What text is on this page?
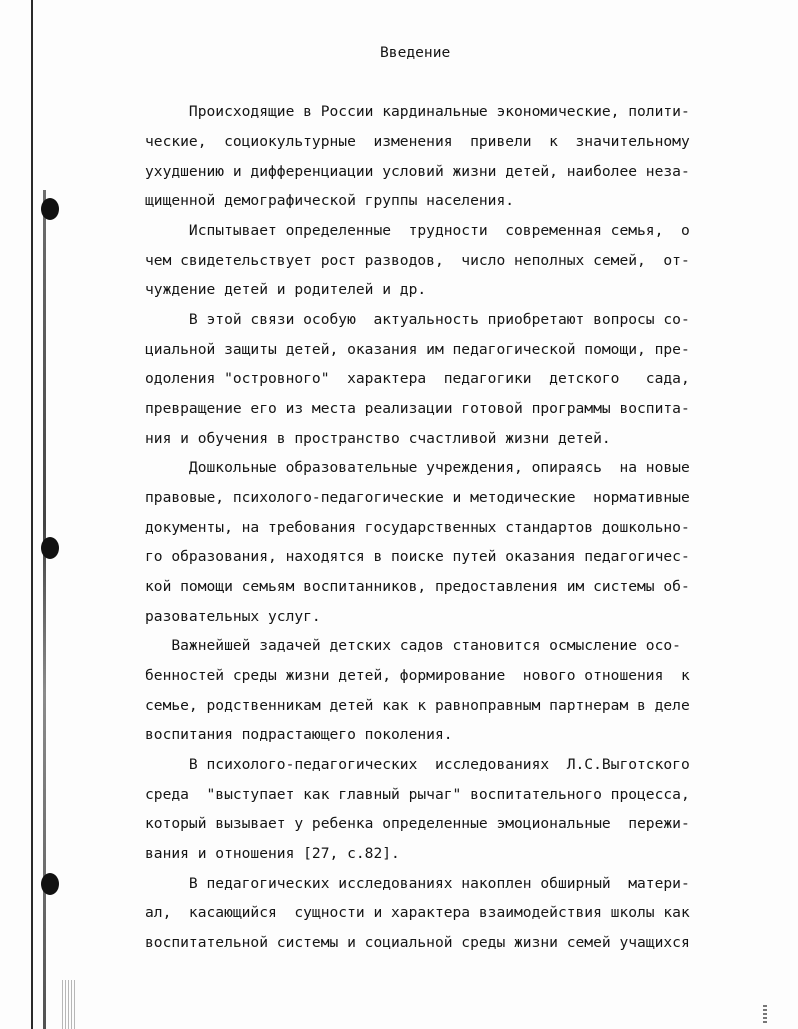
Введение
Происходящие в России кардинальные экономические, полити-
ческие,  социокультурные  изменения  привели  к  значительному
ухудшению и дифференциации условий жизни детей, наиболее неза-
щищенной демографической группы населения.
Испытывает определенные  трудности  современная семья,  о
чем свидетельствует рост разводов,  число неполных семей,  от-
чуждение детей и родителей и др.
В этой связи особую  актуальность приобретают вопросы со-
циальной защиты детей, оказания им педагогической помощи, пре-
одоления "островного"  характера  педагогики  детского   сада,
превращение его из места реализации готовой программы воспита-
ния и обучения в пространство счастливой жизни детей.
Дошкольные образовательные учреждения, опираясь  на новые
правовые, психолого-педагогические и методические  нормативные
документы, на требования государственных стандартов дошкольно-
го образования, находятся в поиске путей оказания педагогичес-
кой помощи семьям воспитанников, предоставления им системы об-
разовательных услуг.
Важнейшей задачей детских садов становится осмысление осо-
бенностей среды жизни детей, формирование  нового отношения  к
семье, родственникам детей как к равноправным партнерам в деле
воспитания подрастающего поколения.
В психолого-педагогических  исследованиях  Л.С.Выготского
среда  "выступает как главный рычаг" воспитательного процесса,
который вызывает у ребенка определенные эмоциональные  пережи-
вания и отношения [27, с.82].
В педагогических исследованиях накоплен обширный  матери-
ал,  касающийся  сущности и характера взаимодействия школы как
воспитательной системы и социальной среды жизни семей учащихся
